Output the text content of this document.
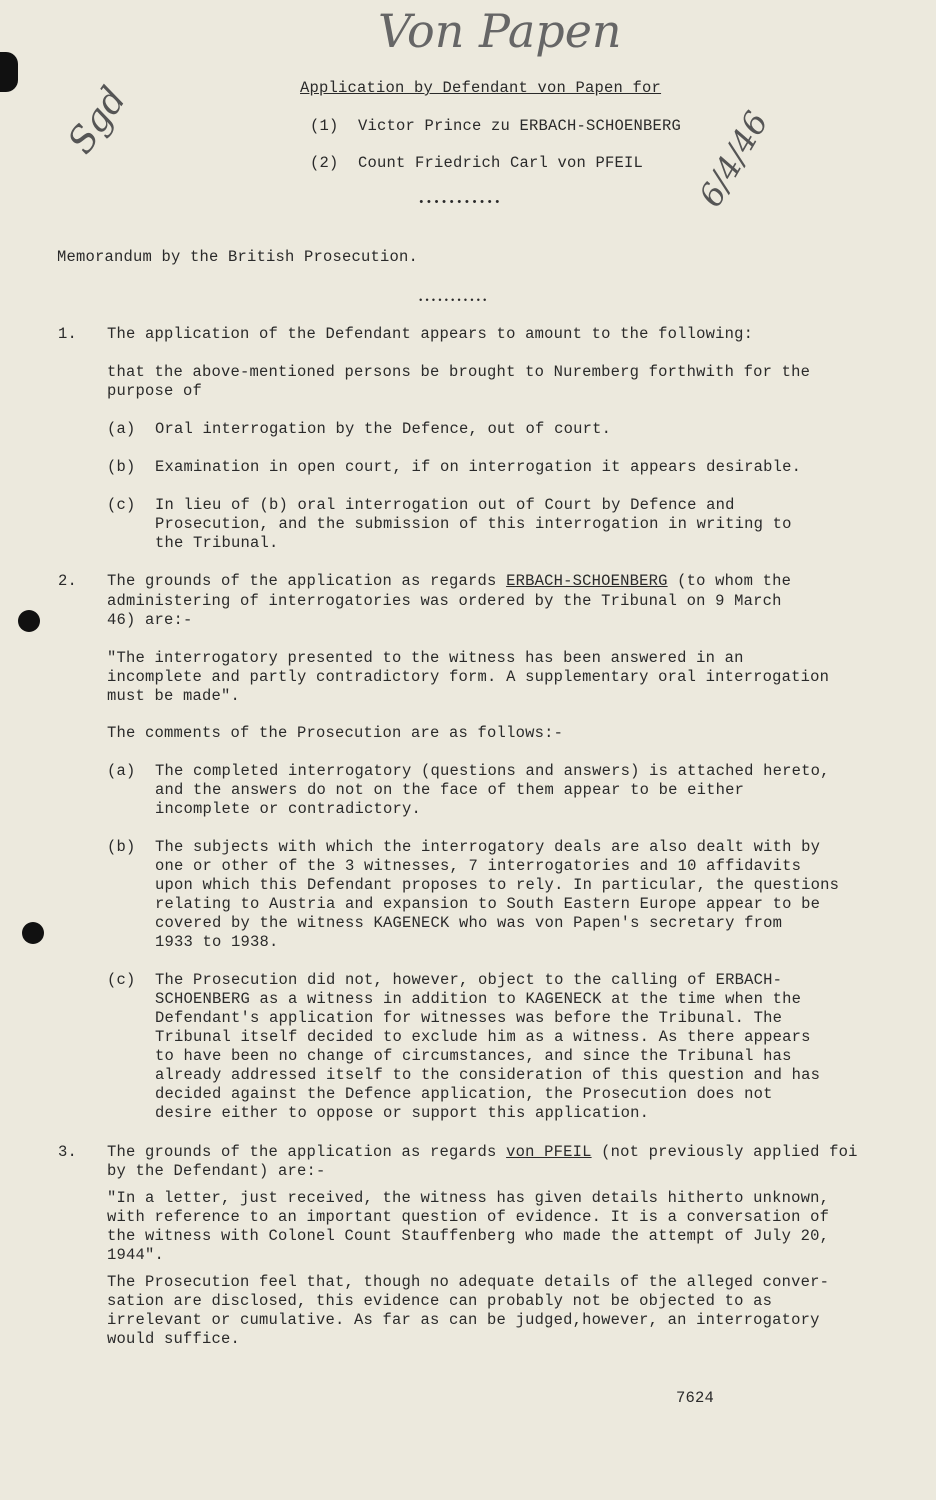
Von Papen
Sgd	6/4/46
Application by Defendant von Papen for
(1) Victor Prince zu ERBACH-SCHOENBERG
(2) Count Friedrich Carl von PFEIL
•••••••••••
Memorandum by the British Prosecution.
•••••••••••
1. The application of the Defendant appears to amount to the following:
that the above-mentioned persons be brought to Nuremberg forthwith for the
purpose of
(a) Oral interrogation by the Defence, out of court.
(b) Examination in open court, if on interrogation it appears desirable.
(c) In lieu of (b) oral interrogation out of Court by Defence and
Prosecution, and the submission of this interrogation in writing to
the Tribunal.
2. The grounds of the application as regards ERBACH-SCHOENBERG (to whom the
administering of interrogatories was ordered by the Tribunal on 9 March
46) are:-
"The interrogatory presented to the witness has been answered in an
incomplete and partly contradictory form. A supplementary oral interrogation
must be made".
The comments of the Prosecution are as follows:-
(a) The completed interrogatory (questions and answers) is attached hereto,
and the answers do not on the face of them appear to be either
incomplete or contradictory.
(b) The subjects with which the interrogatory deals are also dealt with by
one or other of the 3 witnesses, 7 interrogatories and 10 affidavits
upon which this Defendant proposes to rely. In particular, the questions
relating to Austria and expansion to South Eastern Europe appear to be
covered by the witness KAGENECK who was von Papen's secretary from
1933 to 1938.
(c) The Prosecution did not, however, object to the calling of ERBACH-
SCHOENBERG as a witness in addition to KAGENECK at the time when the
Defendant's application for witnesses was before the Tribunal. The
Tribunal itself decided to exclude him as a witness. As there appears
to have been no change of circumstances, and since the Tribunal has
already addressed itself to the consideration of this question and has
decided against the Defence application, the Prosecution does not
desire either to oppose or support this application.
3. The grounds of the application as regards von PFEIL (not previously applied foi
by the Defendant) are:-
"In a letter, just received, the witness has given details hitherto unknown,
with reference to an important question of evidence. It is a conversation of
the witness with Colonel Count Stauffenberg who made the attempt of July 20,
1944".
The Prosecution feel that, though no adequate details of the alleged conver-
sation are disclosed, this evidence can probably not be objected to as
irrelevant or cumulative. As far as can be judged,however, an interrogatory
would suffice.
7624
